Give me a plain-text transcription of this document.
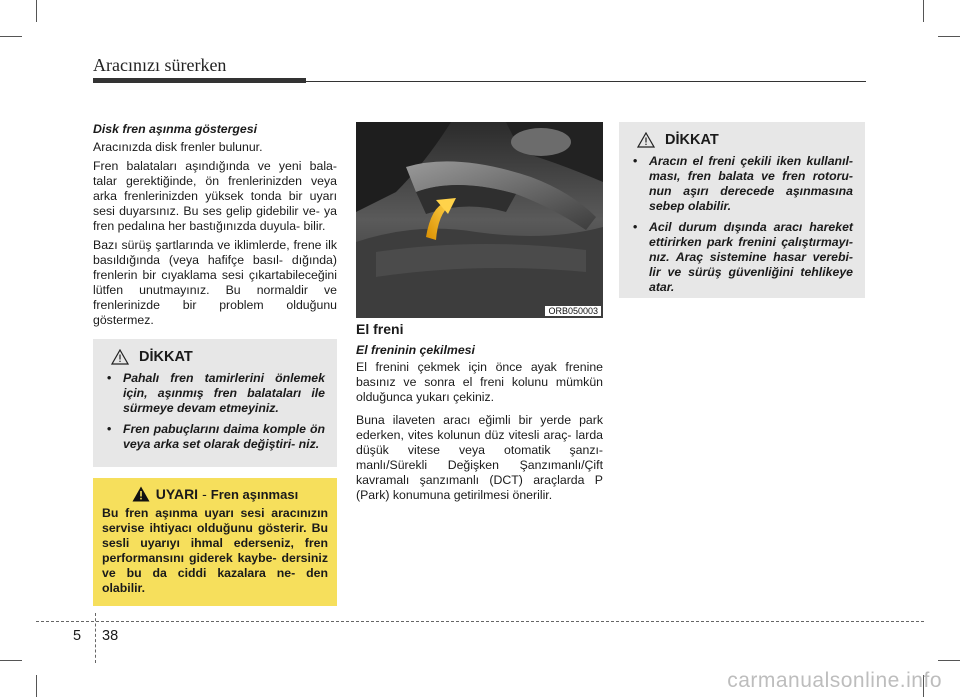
Aracınızı sürerken
Disk fren aşınma göstergesi

Aracınızda disk frenler bulunur.

Fren balataları aşındığında ve yeni bala- talar gerektiğinde, ön frenlerinizden veya arka frenlerinizden yüksek tonda bir uyarı sesi duyarsınız. Bu ses gelip gidebilir ve- ya fren pedalına her bastığınızda duyula- bilir.

Bazı sürüş şartlarında ve iklimlerde, frene ilk basıldığında (veya hafifçe basıl- dığında) frenlerin bir cıyaklama sesi çıkartabileceğini lütfen unutmayınız. Bu normaldir ve frenlerinizde bir problem olduğunu göstermez.

DİKKAT
• Pahalı fren tamirlerini önlemek için, aşınmış fren balataları ile sürmeye devam etmeyiniz.
• Fren pabuçlarını daima komple ön veya arka set olarak değiştiri- niz.
UYARI - Fren aşınması
Bu fren aşınma uyarı sesi aracınızın servise ihtiyacı olduğunu gösterir. Bu sesli uyarıyı ihmal ederseniz, fren performansını giderek kaybe- dersiniz ve bu da ciddi kazalara ne- den olabilir.
ORB050003
El freni
El freninin çekilmesi

El frenini çekmek için önce ayak frenine basınız ve sonra el freni kolunu mümkün olduğunca yukarı çekiniz.

Buna ilaveten aracı eğimli bir yerde park ederken, vites kolunun düz vitesli araç- larda düşük vitese veya otomatik şanzı- manlı/Sürekli Değişken Şanzımanlı/Çift kavramalı şanzımanlı (DCT) araçlarda P (Park) konumuna getirilmesi önerilir.

DİKKAT
• Aracın el freni çekili iken kullanıl- ması, fren balata ve fren rotoru- nun aşırı derecede aşınmasına sebep olabilir.
• Acil durum dışında aracı hareket ettirirken park frenini çalıştırmayı- nız. Araç sistemine hasar verebi- lir ve sürüş güvenliğini tehlikeye atar.
5 38
carmanualsonline.info
